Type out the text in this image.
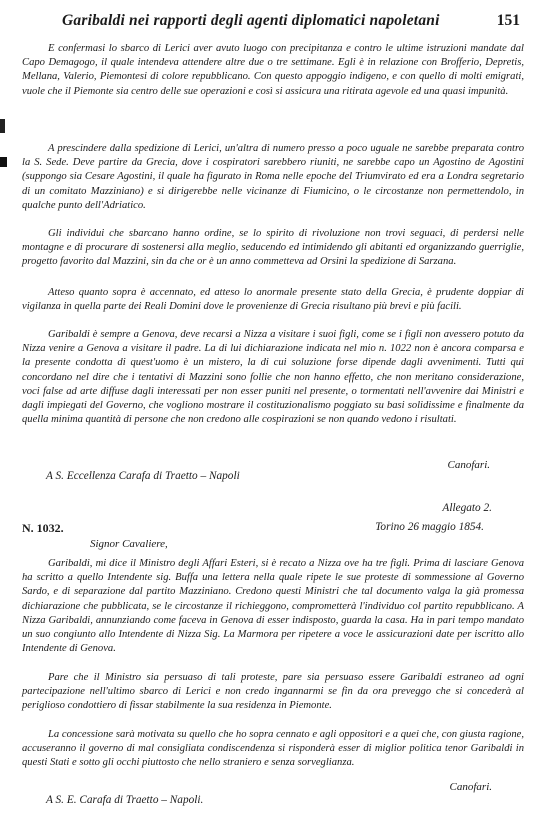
Garibaldi nei rapporti degli agenti diplomatici napoletani	151

E confermasi lo sbarco di Lerici aver avuto luogo con precipitanza e contro le ultime istruzioni mandate dal Capo Demagogo, il quale intendeva attendere altre due o tre settimane. Egli è in relazione con Brofferio, Depretis, Mellana, Valerio, Piemontesi di colore repubblicano. Con questo appoggio indigeno, e con quello di molti emigrati, vuole che il Piemonte sia centro delle sue operazioni e così si assicura una ritirata agevole ed una quasi impunità.

A prescindere dalla spedizione di Lerici, un'altra di numero presso a poco uguale ne sarebbe preparata contro la S. Sede. Deve partire da Grecia, dove i cospiratori sarebbero riuniti, ne sarebbe capo un Agostino de Agostini (suppongo sia Cesare Agostini, il quale ha figurato in Roma nelle epoche del Triumvirato ed era a Londra segretario di un comitato Mazziniano) e si dirigerebbe nelle vicinanze di Fiumicino, o le circostanze non permettendolo, in qualche punto dell'Adriatico.

Gli individui che sbarcano hanno ordine, se lo spirito di rivoluzione non trovi seguaci, di perdersi nelle montagne e di procurare di sostenersi alla meglio, seducendo ed intimidendo gli abitanti ed organizzando guerriglie, progetto favorito dal Mazzini, sin da che or è un anno commetteva ad Orsini la spedizione di Sarzana.

Atteso quanto sopra è accennato, ed atteso lo anormale presente stato della Grecia, è prudente doppiar di vigilanza in quella parte dei Reali Domini dove le provenienze di Grecia risultano più brevi e più facili.

Garibaldi è sempre a Genova, deve recarsi a Nizza a visitare i suoi figli, come se i figli non avessero potuto da Nizza venire a Genova a visitare il padre. La di lui dichiarazione indicata nel mio n. 1022 non è ancora comparsa e la presente condotta di quest'uomo è un mistero, la di cui soluzione forse dipende dagli avvenimenti. Tutti qui concordano nel dire che i tentativi di Mazzini sono follie che non hanno effetto, che non meritano considerazione, voci false ad arte diffuse dagli interessati per non esser puniti nel presente, o tormentati nell'avvenire dai Ministri e dagli impiegati del Governo, che vogliono mostrare il costituzionalismo poggiato su basi solidissime e finalmente da quella minima quantità di persone che non credono alle cospirazioni se non quando vedono i risultati.

Canofari.
A S. Eccellenza Carafa di Traetto – Napoli
Allegato 2.
N. 1032.	Torino 26 maggio 1854.
Signor Cavaliere,

Garibaldi, mi dice il Ministro degli Affari Esteri, si è recato a Nizza ove ha tre figli. Prima di lasciare Genova ha scritto a quello Intendente sig. Buffa una lettera nella quale ripete le sue proteste di sommessione al Governo Sardo, e di separazione dal partito Mazziniano. Credono questi Ministri che tal documento valga la già promessa dichiarazione che pubblicata, se le circostanze il richieggono, comprometterà l'individuo col partito repubblicano. A Nizza Garibaldi, annunziando come faceva in Genova di esser indisposto, guarda la casa. Ha in pari tempo mandato un suo congiunto allo Intendente di Nizza Sig. La Marmora per ripetere a voce le assicurazioni date per iscritto allo Intendente di Genova.

Pare che il Ministro sia persuaso di tali proteste, pare sia persuaso essere Garibaldi estraneo ad ogni partecipazione nell'ultimo sbarco di Lerici e non credo ingannarmi se fin da ora preveggo che si concederà al periglioso condottiero di fissar stabilmente la sua residenza in Piemonte.

La concessione sarà motivata su quello che ho sopra cennato e agli oppositori e a quei che, con giusta ragione, accuseranno il governo di mal consigliata condiscendenza si risponderà esser di miglior politica tenor Garibaldi in questi Stati e sotto gli occhi piuttosto che nello straniero e senza sorveglianza.

Canofari.
A S. E. Carafa di Traetto – Napoli.
